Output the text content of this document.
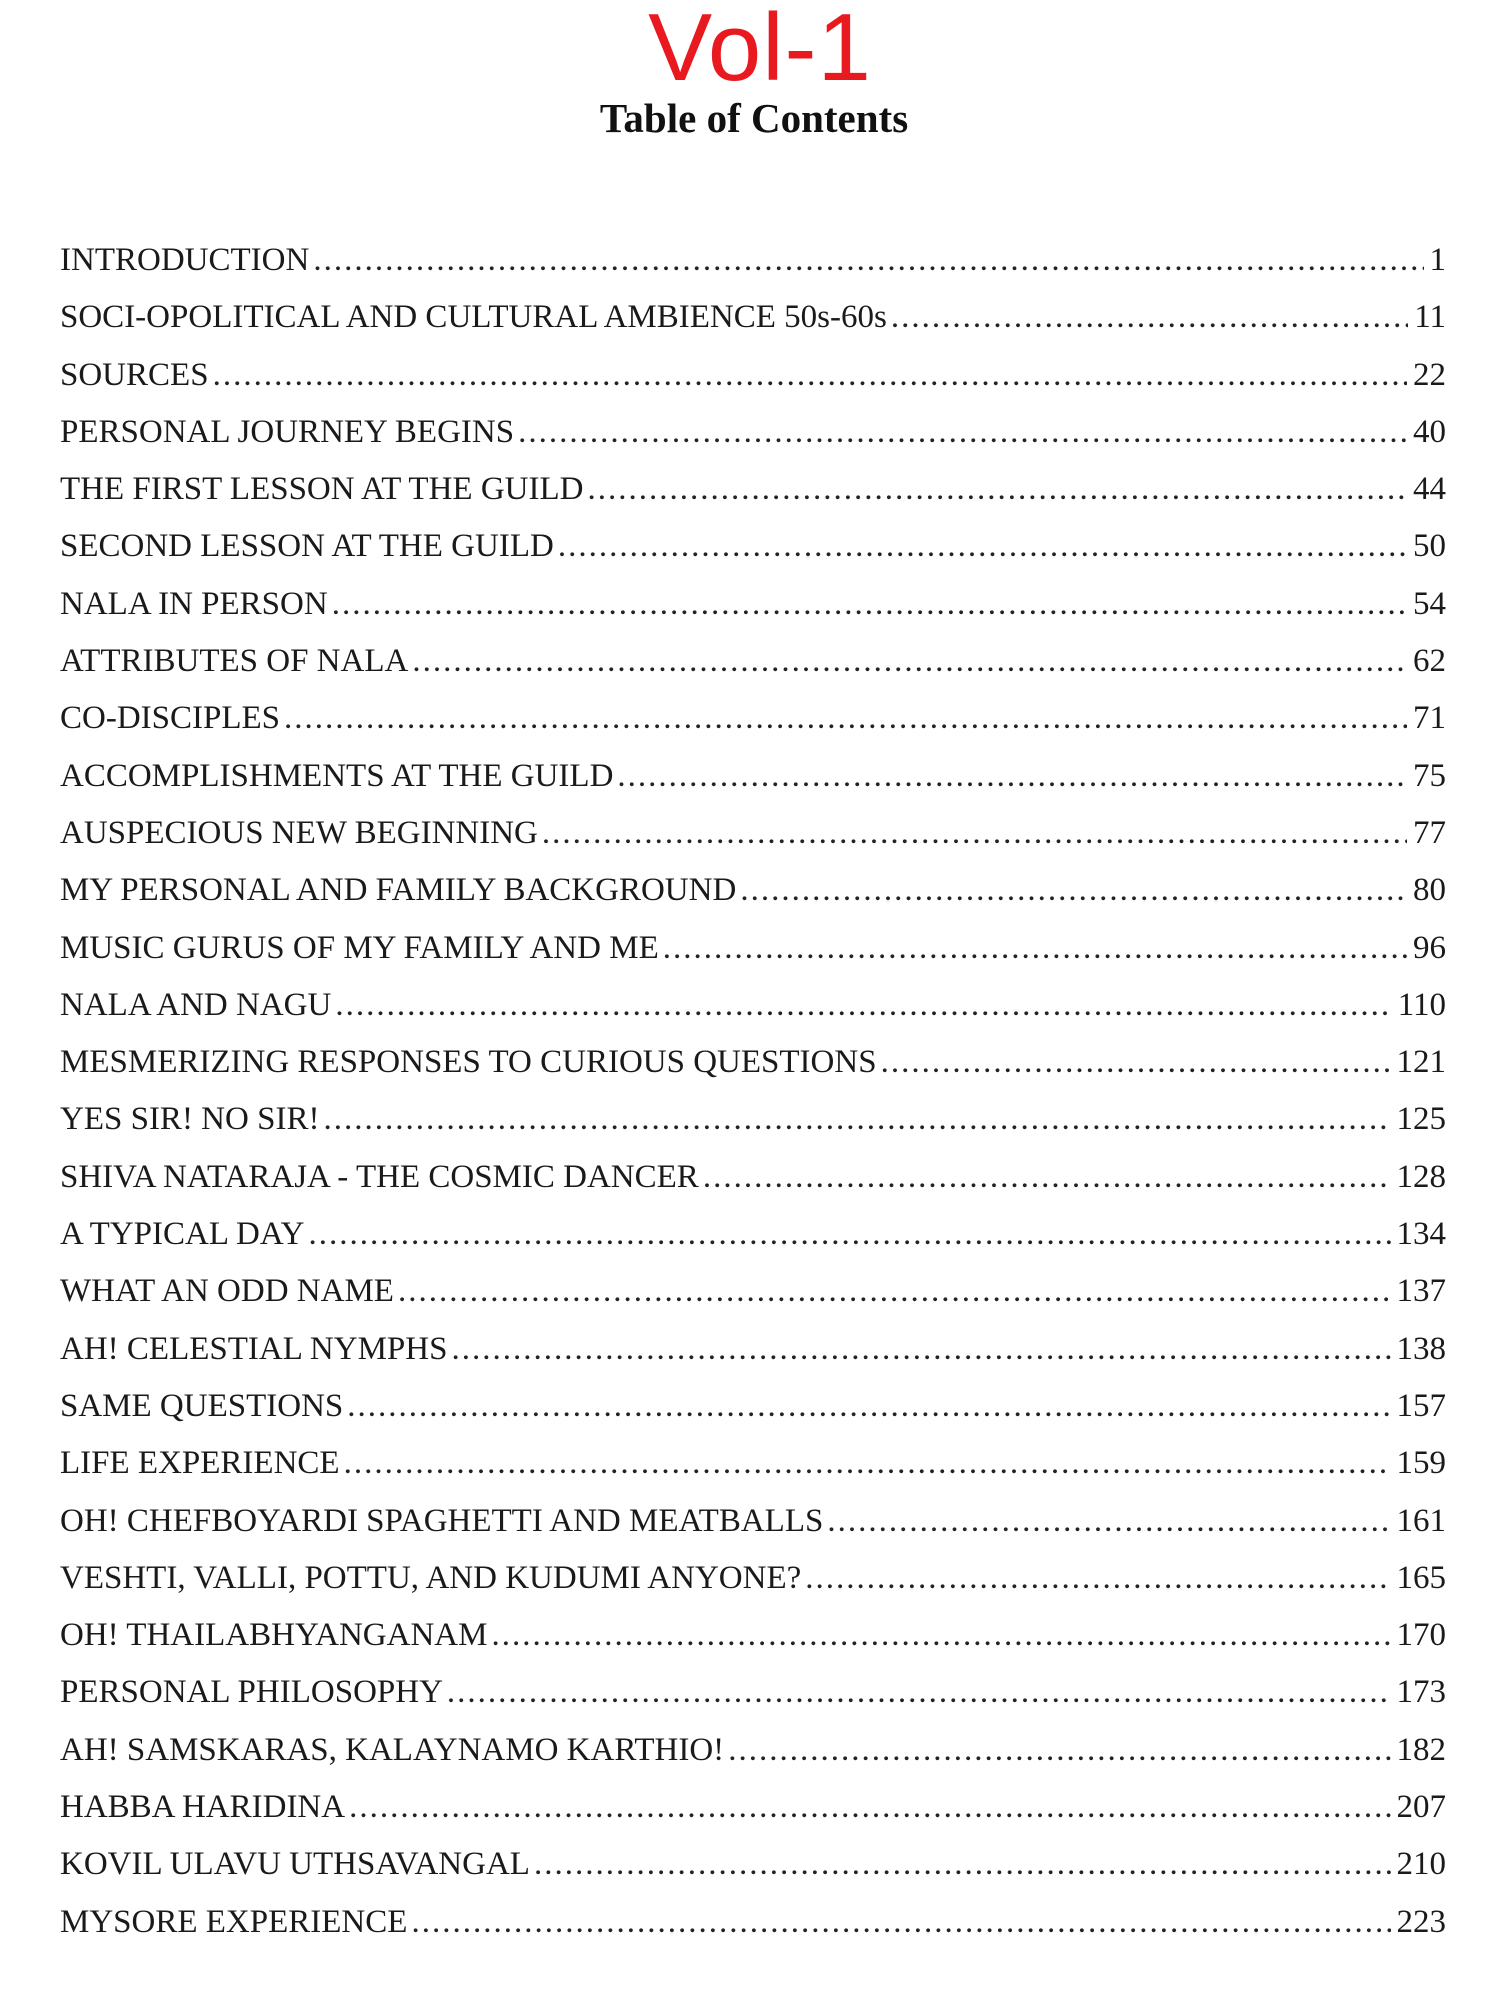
Vol-1
Table of Contents
INTRODUCTION .....	1
SOCI-OPOLITICAL AND CULTURAL AMBIENCE 50s-60s .....	11
SOURCES .....	22
PERSONAL JOURNEY BEGINS .....	40
THE FIRST LESSON AT THE GUILD .....	44
SECOND LESSON AT THE GUILD .....	50
NALA IN PERSON .....	54
ATTRIBUTES OF NALA .....	62
CO-DISCIPLES .....	71
ACCOMPLISHMENTS AT THE GUILD .....	75
AUSPECIOUS NEW BEGINNING .....	77
MY PERSONAL AND FAMILY BACKGROUND .....	80
MUSIC GURUS OF MY FAMILY AND ME .....	96
NALA AND NAGU .....	110
MESMERIZING RESPONSES TO CURIOUS QUESTIONS .....	121
YES SIR! NO SIR! .....	125
SHIVA NATARAJA - THE COSMIC DANCER .....	128
A TYPICAL DAY .....	134
WHAT AN ODD NAME .....	137
AH! CELESTIAL NYMPHS .....	138
SAME QUESTIONS .....	157
LIFE EXPERIENCE .....	159
OH! CHEFBOYARDI SPAGHETTI AND MEATBALLS .....	161
VESHTI, VALLI, POTTU, AND KUDUMI ANYONE? .....	165
OH! THAILABHYANGANAM .....	170
PERSONAL PHILOSOPHY .....	173
AH! SAMSKARAS, KALAYNAMO KARTHIO! .....	182
HABBA HARIDINA .....	207
KOVIL ULAVU UTHSAVANGAL .....	210
MYSORE EXPERIENCE .....	223
